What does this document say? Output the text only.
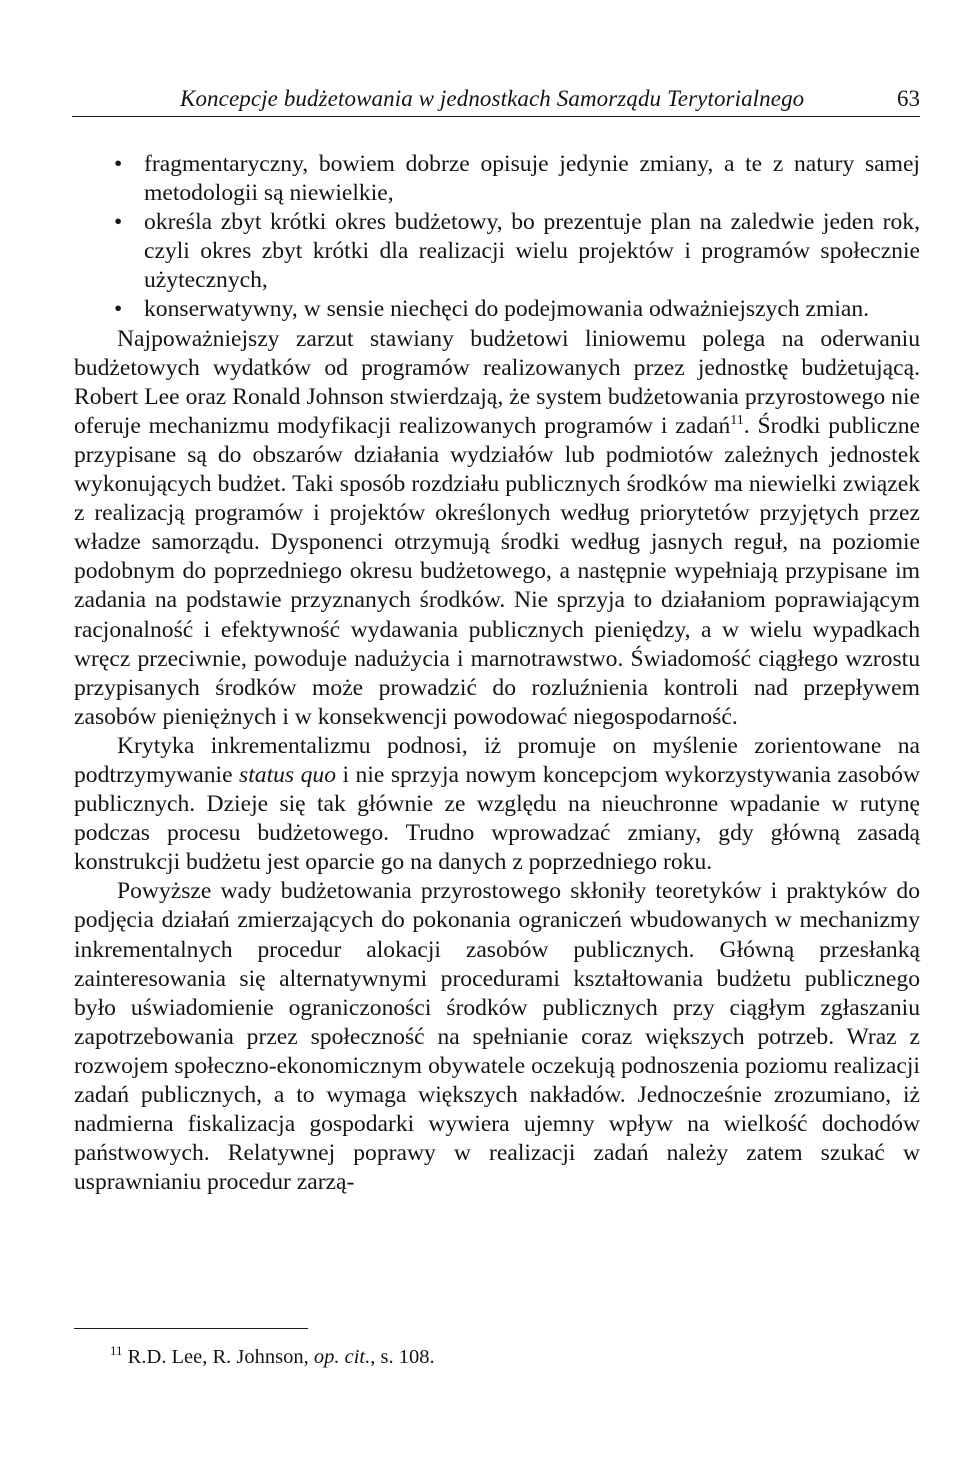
Koncepcje budżetowania w jednostkach Samorządu Terytorialnego	63
• fragmentaryczny, bowiem dobrze opisuje jedynie zmiany, a te z natury samej metodologii są niewielkie,
• określa zbyt krótki okres budżetowy, bo prezentuje plan na zaledwie jeden rok, czyli okres zbyt krótki dla realizacji wielu projektów i programów społecznie użytecznych,
• konserwatywny, w sensie niechęci do podejmowania odważniejszych zmian.

Najpoważniejszy zarzut stawiany budżetowi liniowemu polega na oderwaniu budżetowych wydatków od programów realizowanych przez jednostkę budżetującą. Robert Lee oraz Ronald Johnson stwierdzają, że system budżetowania przyrostowego nie oferuje mechanizmu modyfikacji realizowanych programów i zadań$^{11}$. Środki publiczne przypisane są do obszarów działania wydziałów lub podmiotów zależnych jednostek wykonujących budżet. Taki sposób rozdziału publicznych środków ma niewielki związek z realizacją programów i projektów określonych według priorytetów przyjętych przez władze samorządu. Dysponenci otrzymują środki według jasnych reguł, na poziomie podobnym do poprzedniego okresu budżetowego, a następnie wypełniają przypisane im zadania na podstawie przyznanych środków. Nie sprzyja to działaniom poprawiającym racjonalność i efektywność wydawania publicznych pieniędzy, a w wielu wypadkach wręcz przeciwnie, powoduje nadużycia i marnotrawstwo. Świadomość ciągłego wzrostu przypisanych środków może prowadzić do rozluźnienia kontroli nad przepływem zasobów pieniężnych i w konsekwencji powodować niegospodarność.

Krytyka inkrementalizmu podnosi, iż promuje on myślenie zorientowane na podtrzymywanie status quo i nie sprzyja nowym koncepcjom wykorzystywania zasobów publicznych. Dzieje się tak głównie ze względu na nieuchronne wpadanie w rutynę podczas procesu budżetowego. Trudno wprowadzać zmiany, gdy główną zasadą konstrukcji budżetu jest oparcie go na danych z poprzedniego roku.

Powyższe wady budżetowania przyrostowego skłoniły teoretyków i praktyków do podjęcia działań zmierzających do pokonania ograniczeń wbudowanych w mechanizmy inkrementalnych procedur alokacji zasobów publicznych. Główną przesłanką zainteresowania się alternatywnymi procedurami kształtowania budżetu publicznego było uświadomienie ograniczoności środków publicznych przy ciągłym zgłaszaniu zapotrzebowania przez społeczność na spełnianie coraz większych potrzeb. Wraz z rozwojem społeczno-ekonomicznym obywatele oczekują podnoszenia poziomu realizacji zadań publicznych, a to wymaga większych nakładów. Jednocześnie zrozumiano, iż nadmierna fiskalizacja gospodarki wywiera ujemny wpływ na wielkość dochodów państwowych. Relatywnej poprawy w realizacji zadań należy zatem szukać w usprawnianiu procedur zarzą-

$^{11}$ R.D. Lee, R. Johnson, op. cit., s. 108.
